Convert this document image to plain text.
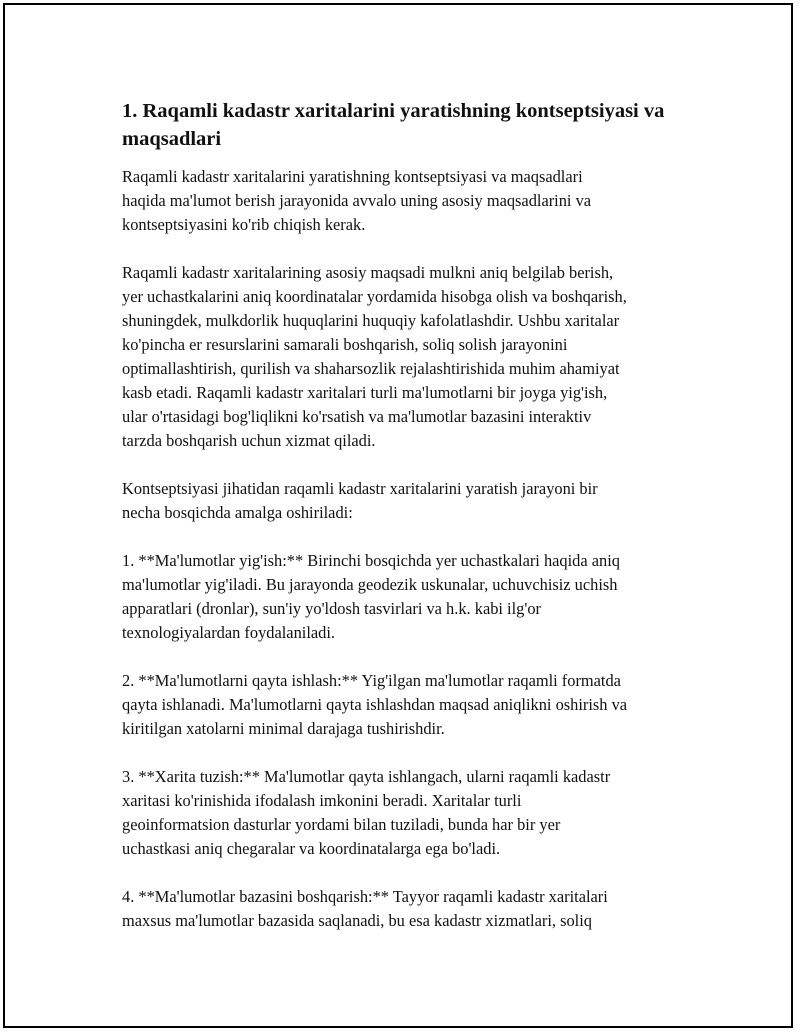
1. Raqamli kadastr xaritalarini yaratishning kontseptsiyasi va maqsadlari

Raqamli kadastr xaritalarini yaratishning kontseptsiyasi va maqsadlari
haqida ma'lumot berish jarayonida avvalo uning asosiy maqsadlarini va
kontseptsiyasini ko'rib chiqish kerak.

Raqamli kadastr xaritalarining asosiy maqsadi mulkni aniq belgilab berish,
yer uchastkalarini aniq koordinatalar yordamida hisobga olish va boshqarish,
shuningdek, mulkdorlik huquqlarini huquqiy kafolatlashdir. Ushbu xaritalar
ko'pincha er resurslarini samarali boshqarish, soliq solish jarayonini
optimallashtirish, qurilish va shaharsozlik rejalashtirishida muhim ahamiyat
kasb etadi. Raqamli kadastr xaritalari turli ma'lumotlarni bir joyga yig'ish,
ular o'rtasidagi bog'liqlikni ko'rsatish va ma'lumotlar bazasini interaktiv
tarzda boshqarish uchun xizmat qiladi.

Kontseptsiyasi jihatidan raqamli kadastr xaritalarini yaratish jarayoni bir
necha bosqichda amalga oshiriladi:

1. **Ma'lumotlar yig'ish:** Birinchi bosqichda yer uchastkalari haqida aniq
ma'lumotlar yig'iladi. Bu jarayonda geodezik uskunalar, uchuvchisiz uchish
apparatlari (dronlar), sun'iy yo'ldosh tasvirlari va h.k. kabi ilg'or
texnologiyalardan foydalaniladi.

2. **Ma'lumotlarni qayta ishlash:** Yig'ilgan ma'lumotlar raqamli formatda
qayta ishlanadi. Ma'lumotlarni qayta ishlashdan maqsad aniqlikni oshirish va
kiritilgan xatolarni minimal darajaga tushirishdir.

3. **Xarita tuzish:** Ma'lumotlar qayta ishlangach, ularni raqamli kadastr
xaritasi ko'rinishida ifodalash imkonini beradi. Xaritalar turli
geoinformatsion dasturlar yordami bilan tuziladi, bunda har bir yer
uchastkasi aniq chegaralar va koordinatalarga ega bo'ladi.

4. **Ma'lumotlar bazasini boshqarish:** Tayyor raqamli kadastr xaritalari
maxsus ma'lumotlar bazasida saqlanadi, bu esa kadastr xizmatlari, soliq
